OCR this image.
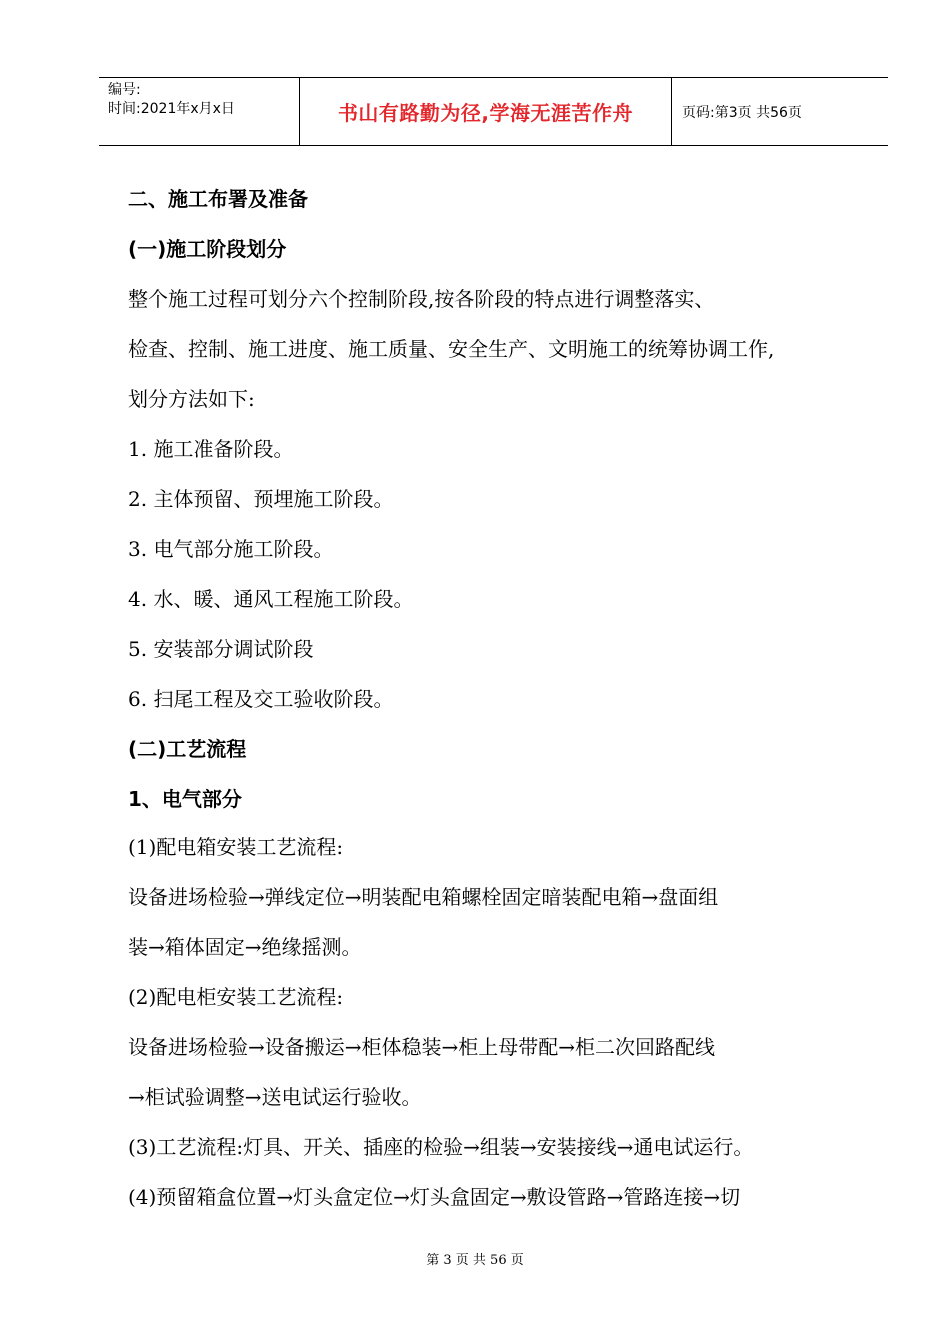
编号:
时间:2021年x月x日	书山有路勤为径,学海无涯苦作舟	页码:第3页 共56页
二、施工布署及准备
(一)施工阶段划分
整个施工过程可划分六个控制阶段,按各阶段的特点进行调整落实、
检查、控制、施工进度、施工质量、安全生产、文明施工的统筹协调工作,
划分方法如下:
1. 施工准备阶段。
2. 主体预留、预埋施工阶段。
3. 电气部分施工阶段。
4. 水、暖、通风工程施工阶段。
5. 安装部分调试阶段
6. 扫尾工程及交工验收阶段。
(二)工艺流程
1、电气部分
(1)配电箱安装工艺流程:
设备进场检验→弹线定位→明装配电箱螺栓固定暗装配电箱→盘面组
装→箱体固定→绝缘摇测。
(2)配电柜安装工艺流程:
设备进场检验→设备搬运→柜体稳装→柜上母带配→柜二次回路配线
→柜试验调整→送电试运行验收。
(3)工艺流程:灯具、开关、插座的检验→组装→安装接线→通电试运行。
(4)预留箱盒位置→灯头盒定位→灯头盒固定→敷设管路→管路连接→切
第 3 页 共 56 页
